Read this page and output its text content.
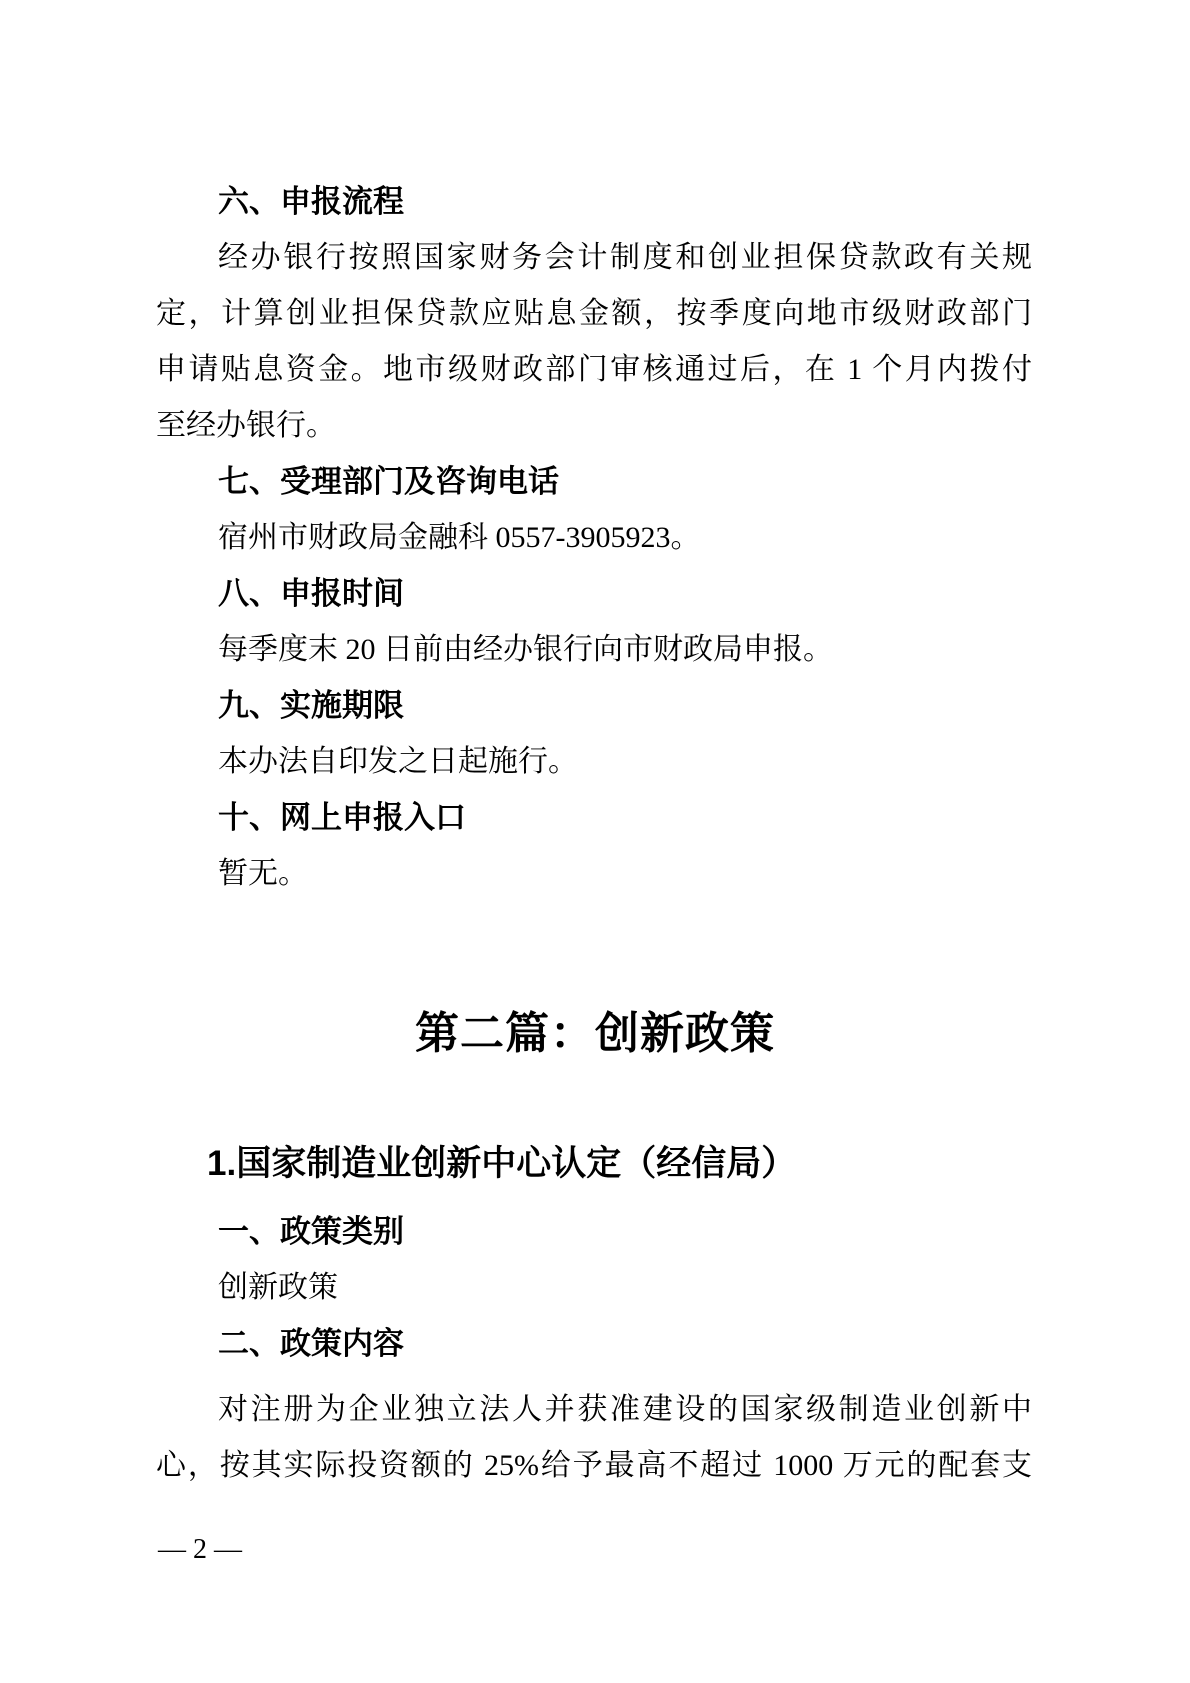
六、申报流程
经办银行按照国家财务会计制度和创业担保贷款政有关规
定，计算创业担保贷款应贴息金额，按季度向地市级财政部门
申请贴息资金。地市级财政部门审核通过后，在 1 个月内拨付
至经办银行。
七、受理部门及咨询电话
宿州市财政局金融科 0557-3905923。
八、申报时间
每季度末 20 日前由经办银行向市财政局申报。
九、实施期限
本办法自印发之日起施行。
十、网上申报入口
暂无。
第二篇：创新政策
1.国家制造业创新中心认定（经信局）
一、政策类别
创新政策
二、政策内容
对注册为企业独立法人并获准建设的国家级制造业创新中
心，按其实际投资额的 25%给予最高不超过 1000 万元的配套支
— 2 —
